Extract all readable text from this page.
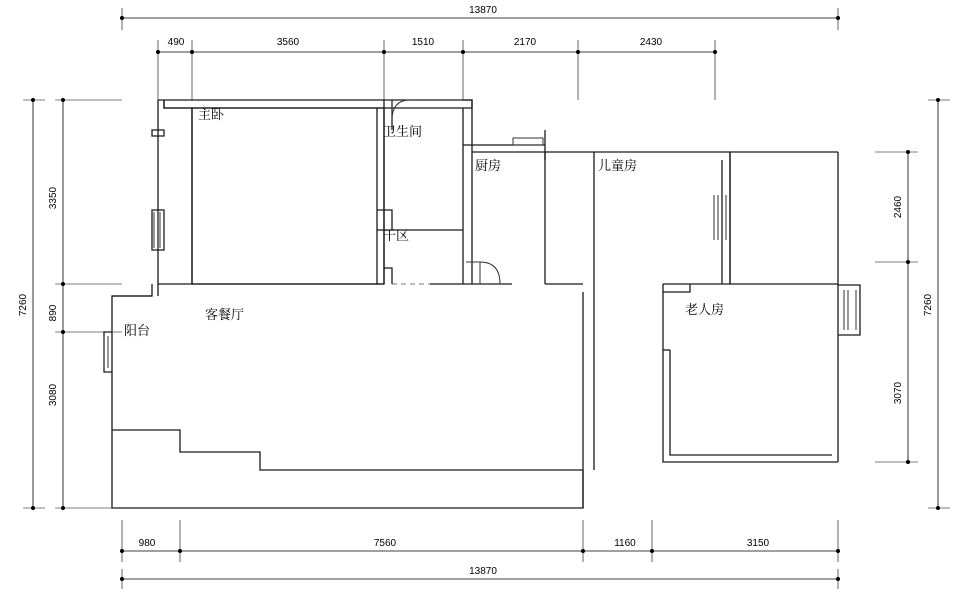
13870
490	3560	1510	2170	2430
980	7560	1160	3150
13870
7260
3350
890
3080
7260
2460
3070
主卧
卫生间
厨房	儿童房
干区
客餐厅	老人房
阳台
